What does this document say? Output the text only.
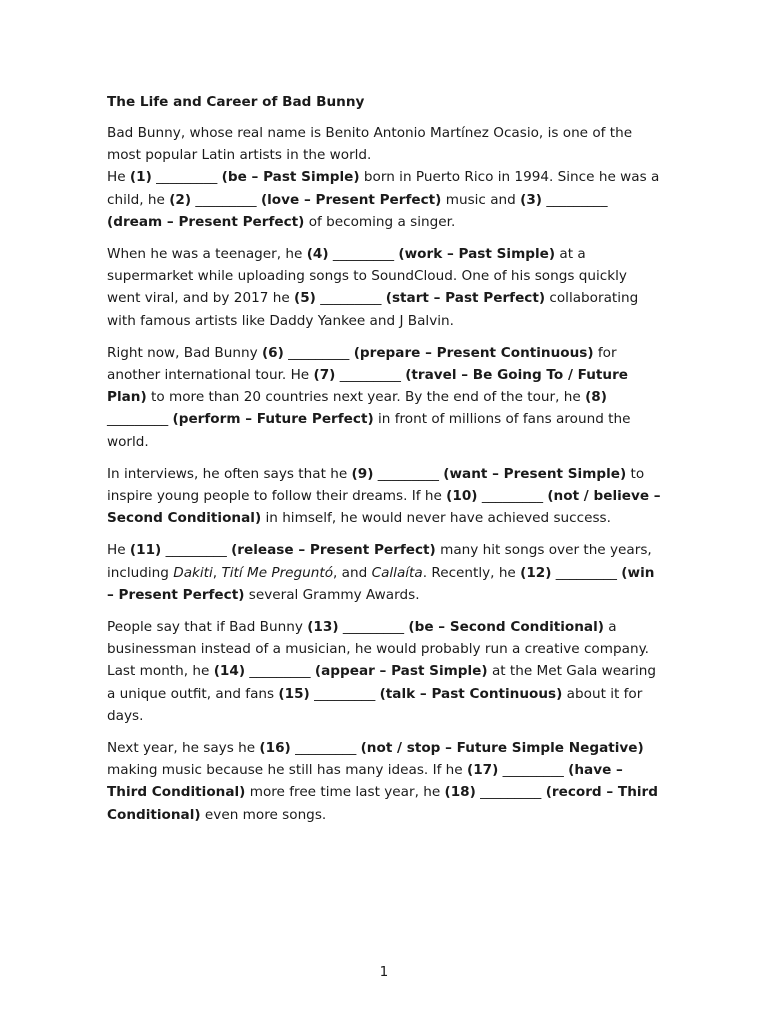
The Life and Career of Bad Bunny

Bad Bunny, whose real name is Benito Antonio Martínez Ocasio, is one of the most popular Latin artists in the world.
He (1) _________ (be – Past Simple) born in Puerto Rico in 1994. Since he was a child, he (2) _________ (love – Present Perfect) music and (3) _________ (dream – Present Perfect) of becoming a singer.

When he was a teenager, he (4) _________ (work – Past Simple) at a supermarket while uploading songs to SoundCloud. One of his songs quickly went viral, and by 2017 he (5) _________ (start – Past Perfect) collaborating with famous artists like Daddy Yankee and J Balvin.

Right now, Bad Bunny (6) _________ (prepare – Present Continuous) for another international tour. He (7) _________ (travel – Be Going To / Future Plan) to more than 20 countries next year. By the end of the tour, he (8) _________ (perform – Future Perfect) in front of millions of fans around the world.

In interviews, he often says that he (9) _________ (want – Present Simple) to inspire young people to follow their dreams. If he (10) _________ (not / believe – Second Conditional) in himself, he would never have achieved success.

He (11) _________ (release – Present Perfect) many hit songs over the years, including Dakiti, Tití Me Preguntó, and Callaíta. Recently, he (12) _________ (win – Present Perfect) several Grammy Awards.

People say that if Bad Bunny (13) _________ (be – Second Conditional) a businessman instead of a musician, he would probably run a creative company. Last month, he (14) _________ (appear – Past Simple) at the Met Gala wearing a unique outfit, and fans (15) _________ (talk – Past Continuous) about it for days.

Next year, he says he (16) _________ (not / stop – Future Simple Negative) making music because he still has many ideas. If he (17) _________ (have – Third Conditional) more free time last year, he (18) _________ (record – Third Conditional) even more songs.

1
